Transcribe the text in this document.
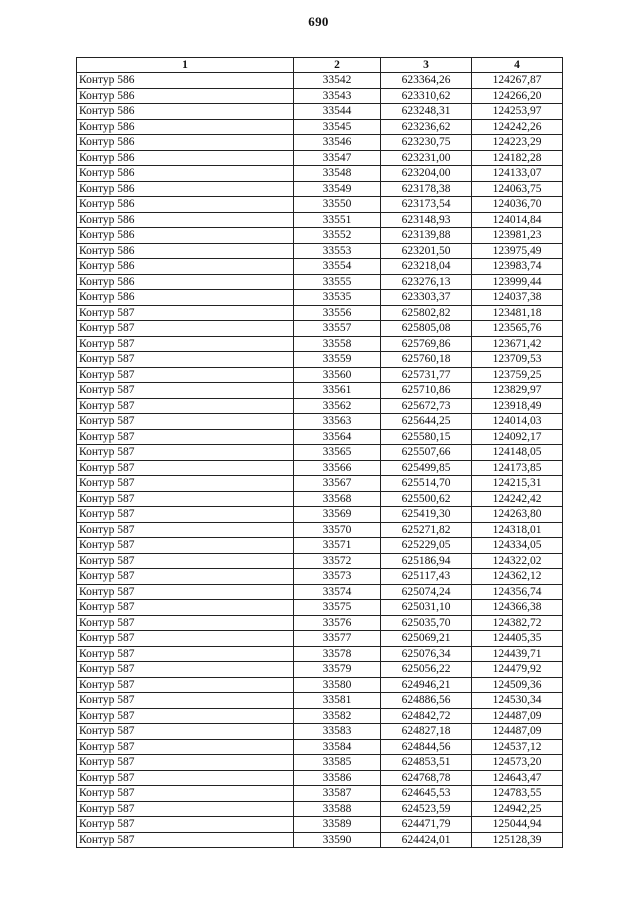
690
1	2	3	4
Контур 586	33542	623364,26	124267,87
Контур 586	33543	623310,62	124266,20
Контур 586	33544	623248,31	124253,97
Контур 586	33545	623236,62	124242,26
Контур 586	33546	623230,75	124223,29
Контур 586	33547	623231,00	124182,28
Контур 586	33548	623204,00	124133,07
Контур 586	33549	623178,38	124063,75
Контур 586	33550	623173,54	124036,70
Контур 586	33551	623148,93	124014,84
Контур 586	33552	623139,88	123981,23
Контур 586	33553	623201,50	123975,49
Контур 586	33554	623218,04	123983,74
Контур 586	33555	623276,13	123999,44
Контур 586	33535	623303,37	124037,38
Контур 587	33556	625802,82	123481,18
Контур 587	33557	625805,08	123565,76
Контур 587	33558	625769,86	123671,42
Контур 587	33559	625760,18	123709,53
Контур 587	33560	625731,77	123759,25
Контур 587	33561	625710,86	123829,97
Контур 587	33562	625672,73	123918,49
Контур 587	33563	625644,25	124014,03
Контур 587	33564	625580,15	124092,17
Контур 587	33565	625507,66	124148,05
Контур 587	33566	625499,85	124173,85
Контур 587	33567	625514,70	124215,31
Контур 587	33568	625500,62	124242,42
Контур 587	33569	625419,30	124263,80
Контур 587	33570	625271,82	124318,01
Контур 587	33571	625229,05	124334,05
Контур 587	33572	625186,94	124322,02
Контур 587	33573	625117,43	124362,12
Контур 587	33574	625074,24	124356,74
Контур 587	33575	625031,10	124366,38
Контур 587	33576	625035,70	124382,72
Контур 587	33577	625069,21	124405,35
Контур 587	33578	625076,34	124439,71
Контур 587	33579	625056,22	124479,92
Контур 587	33580	624946,21	124509,36
Контур 587	33581	624886,56	124530,34
Контур 587	33582	624842,72	124487,09
Контур 587	33583	624827,18	124487,09
Контур 587	33584	624844,56	124537,12
Контур 587	33585	624853,51	124573,20
Контур 587	33586	624768,78	124643,47
Контур 587	33587	624645,53	124783,55
Контур 587	33588	624523,59	124942,25
Контур 587	33589	624471,79	125044,94
Контур 587	33590	624424,01	125128,39
